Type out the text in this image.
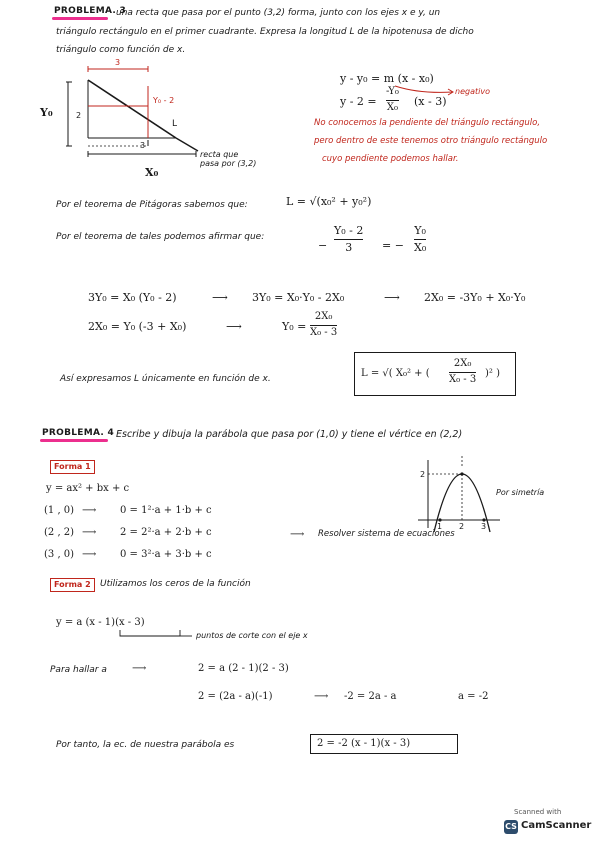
PROBLEMA. 3
una recta que pasa por el punto (3,2) forma, junto con los ejes x e y, un
triángulo rectángulo en el primer cuadrante. Expresa la longitud L de la hipotenusa de dicho
triángulo como función de x.
3
Y₀	2
Y₀ - 2
L
3
X₀
recta que pasa por (3,2)
y - y₀ = m (x - x₀)
y - 2 =
-Y₀
X₀ (x - 3)
negativo
No conocemos la pendiente del triángulo rectángulo,
pero dentro de este tenemos otro triángulo rectángulo
cuyo pendiente podemos hallar.
Por el teorema de Pitágoras sabemos que:	L = √(x₀² + y₀²)
Por el teorema de tales podemos afirmar que:
−
Y₀ - 2
3	= −
Y₀
X₀
3Y₀ = X₀ (Y₀ - 2)	⟶ 3Y₀ = X₀·Y₀ - 2X₀	⟶ 2X₀ = -3Y₀ + X₀·Y₀
2X₀ = Y₀ (-3 + X₀)	⟶	Y₀ =
2X₀
X₀ - 3
Así expresamos L únicamente en función de x.	L = √( X₀² + (
2X₀
X₀ - 3 )² )
PROBLEMA. 4 Escribe y dibuja la parábola que pasa por (1,0) y tiene el vértice en (2,2)
Forma 1
y = ax² + bx + c
(1 , 0) ⟶ 0 = 1²·a + 1·b + c
(2 , 2) ⟶ 2 = 2²·a + 2·b + c
(3 , 0) ⟶ 0 = 3²·a + 3·b + c
⟶ Resolver sistema de ecuaciones
1 2 3
2
Por simetría
Forma 2	Utilizamos los ceros de la función
y = a (x - 1)(x - 3)
puntos de corte con el eje x
Para hallar a	⟶	2 = a (2 - 1)(2 - 3)
2 = (2a - a)(-1)	⟶ -2 = 2a - a	a = -2
Por tanto, la ec. de nuestra parábola es	2 = -2 (x - 1)(x - 3)
Scanned with
CS CamScanner
